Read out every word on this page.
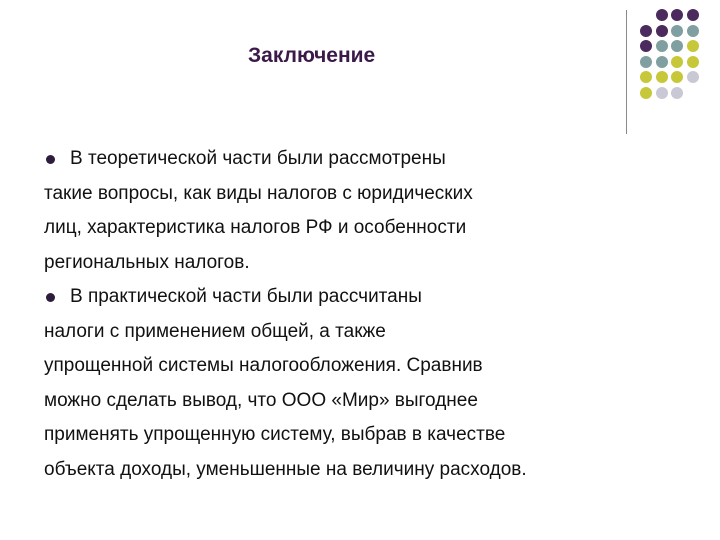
Заключение
В теоретической части были рассмотрены
такие вопросы, как виды налогов с юридических
лиц, характеристика налогов РФ и особенности
региональных налогов.
В практической части были рассчитаны
налоги с применением общей, а также
упрощенной системы налогообложения. Сравнив
можно сделать вывод, что ООО «Мир» выгоднее
применять упрощенную систему, выбрав в качестве
объекта доходы, уменьшенные на величину расходов.
